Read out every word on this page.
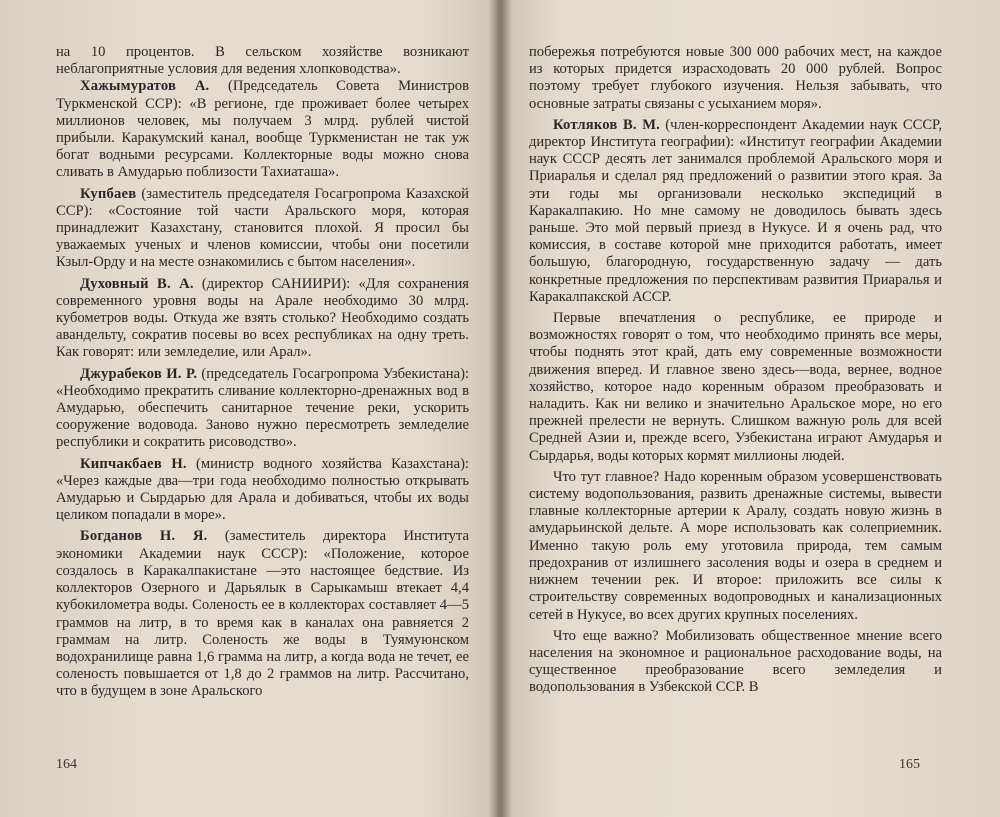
на 10 процентов. В сельском хозяйстве возникают неблагоприятные условия для ведения хлопководства».

Хажымуратов А. (Председатель Совета Министров Туркменской ССР): «В регионе, где проживает более четырех миллионов человек, мы получаем 3 млрд. рублей чистой прибыли. Каракумский канал, вообще Туркменистан не так уж богат водными ресурсами. Коллекторные воды можно снова сливать в Амударью поблизости Тахиаташа».

Купбаев (заместитель председателя Госагропрома Казахской ССР): «Состояние той части Аральского моря, которая принадлежит Казахстану, становится плохой. Я просил бы уважаемых ученых и членов комиссии, чтобы они посетили Кзыл-Орду и на месте ознакомились с бытом населения».

Духовный В. А. (директор САНИИРИ): «Для сохранения современного уровня воды на Арале необходимо 30 млрд. кубометров воды. Откуда же взять столько? Необходимо создать авандельту, сократив посевы во всех республиках на одну треть. Как говорят: или земледелие, или Арал».

Джурабеков И. Р. (председатель Госагропрома Узбекистана): «Необходимо прекратить сливание коллекторно-дренажных вод в Амударью, обеспечить санитарное течение реки, ускорить сооружение водовода. Заново нужно пересмотреть земледелие республики и сократить рисоводство».

Кипчакбаев Н. (министр водного хозяйства Казахстана): «Через каждые два—три года необходимо полностью открывать Амударью и Сырдарью для Арала и добиваться, чтобы их воды целиком попадали в море».

Богданов Н. Я. (заместитель директора Института экономики Академии наук СССР): «Положение, которое создалось в Каракалпакистане —это настоящее бедствие. Из коллекторов Озерного и Дарьялык в Сарыкамыш втекает 4,4 кубокилометра воды. Соленость ее в коллекторах составляет 4—5 граммов на литр, в то время как в каналах она равняется 2 граммам на литр. Соленость же воды в Туямуюнском водохранилище равна 1,6 грамма на литр, а когда вода не течет, ее соленость повышается от 1,8 до 2 граммов на литр. Рассчитано, что в будущем в зоне Аральского

164

побережья потребуются новые 300 000 рабочих мест, на каждое из которых придется израсходовать 20 000 рублей. Вопрос поэтому требует глубокого изучения. Нельзя забывать, что основные затраты связаны с усыханием моря».

Котляков В. М. (член-корреспондент Академии наук СССР, директор Института географии): «Институт географии Академии наук СССР десять лет занимался проблемой Аральского моря и Приаралья и сделал ряд предложений о развитии этого края. За эти годы мы организовали несколько экспедиций в Каракалпакию. Но мне самому не доводилось бывать здесь раньше. Это мой первый приезд в Нукусе. И я очень рад, что комиссия, в составе которой мне приходится работать, имеет большую, благородную, государственную задачу — дать конкретные предложения по перспективам развития Приаралья и Каракалпакской АССР.

Первые впечатления о республике, ее природе и возможностях говорят о том, что необходимо принять все меры, чтобы поднять этот край, дать ему современные возможности движения вперед. И главное звено здесь—вода, вернее, водное хозяйство, которое надо коренным образом преобразовать и наладить. Как ни велико и значительно Аральское море, но его прежней прелести не вернуть. Слишком важную роль для всей Средней Азии и, прежде всего, Узбекистана играют Амударья и Сырдарья, воды которых кормят миллионы людей.

Что тут главное? Надо коренным образом усовершенствовать систему водопользования, развить дренажные системы, вывести главные коллекторные артерии к Аралу, создать новую жизнь в амударьинской дельте. А море использовать как солеприемник. Именно такую роль ему уготовила природа, тем самым предохранив от излишнего засоления воды и озера в среднем и нижнем течении рек. И второе: приложить все силы к строительству современных водопроводных и канализационных сетей в Нукусе, во всех других крупных поселениях.

Что еще важно? Мобилизовать общественное мнение всего населения на экономное и рациональное расходование воды, на существенное преобразование всего земледелия и водопользования в Узбекской ССР. В

165
